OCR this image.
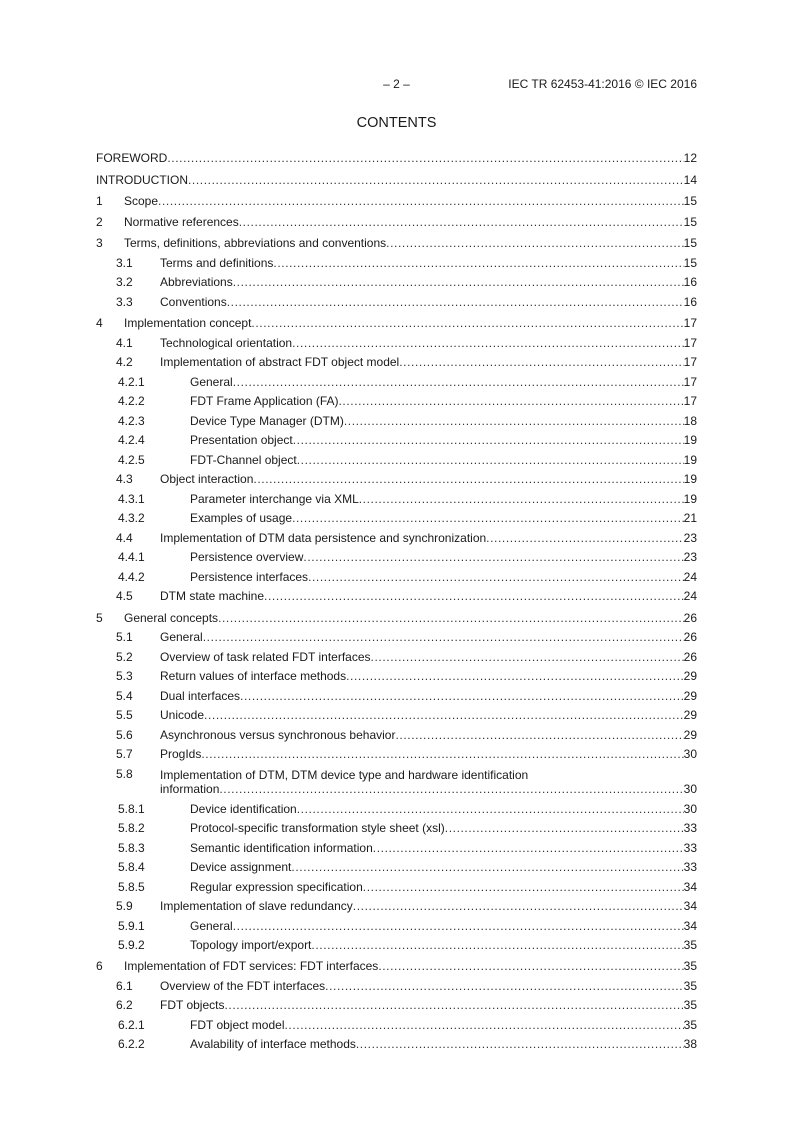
– 2 –	IEC TR 62453-41:2016 © IEC 2016
CONTENTS
FOREWORD .....	12
INTRODUCTION .....	14
1	Scope .....	15
2	Normative references .....	15
3	Terms, definitions, abbreviations and conventions .....	15
3.1	Terms and definitions .....	15
3.2	Abbreviations .....	16
3.3	Conventions .....	16
4	Implementation concept .....	17
4.1	Technological orientation .....	17
4.2	Implementation of abstract FDT object model .....	17
4.2.1	General .....	17
4.2.2	FDT Frame Application (FA) .....	17
4.2.3	Device Type Manager (DTM) .....	18
4.2.4	Presentation object .....	19
4.2.5	FDT-Channel object .....	19
4.3	Object interaction .....	19
4.3.1	Parameter interchange via XML .....	19
4.3.2	Examples of usage .....	21
4.4	Implementation of DTM data persistence and synchronization .....	23
4.4.1	Persistence overview .....	23
4.4.2	Persistence interfaces .....	24
4.5	DTM state machine .....	24
5	General concepts .....	26
5.1	General .....	26
5.2	Overview of task related FDT interfaces .....	26
5.3	Return values of interface methods .....	29
5.4	Dual interfaces .....	29
5.5	Unicode .....	29
5.6	Asynchronous versus synchronous behavior .....	29
5.7	ProgIds .....	30
5.8	Implementation of DTM, DTM device type and hardware identification
information .....	30
5.8.1	Device identification .....	30
5.8.2	Protocol-specific transformation style sheet (xsl) .....	33
5.8.3	Semantic identification information .....	33
5.8.4	Device assignment .....	33
5.8.5	Regular expression specification .....	34
5.9	Implementation of slave redundancy .....	34
5.9.1	General .....	34
5.9.2	Topology import/export .....	35
6	Implementation of FDT services: FDT interfaces .....	35
6.1	Overview of the FDT interfaces .....	35
6.2	FDT objects .....	35
6.2.1	FDT object model .....	35
6.2.2	Avalability of interface methods .....	38
